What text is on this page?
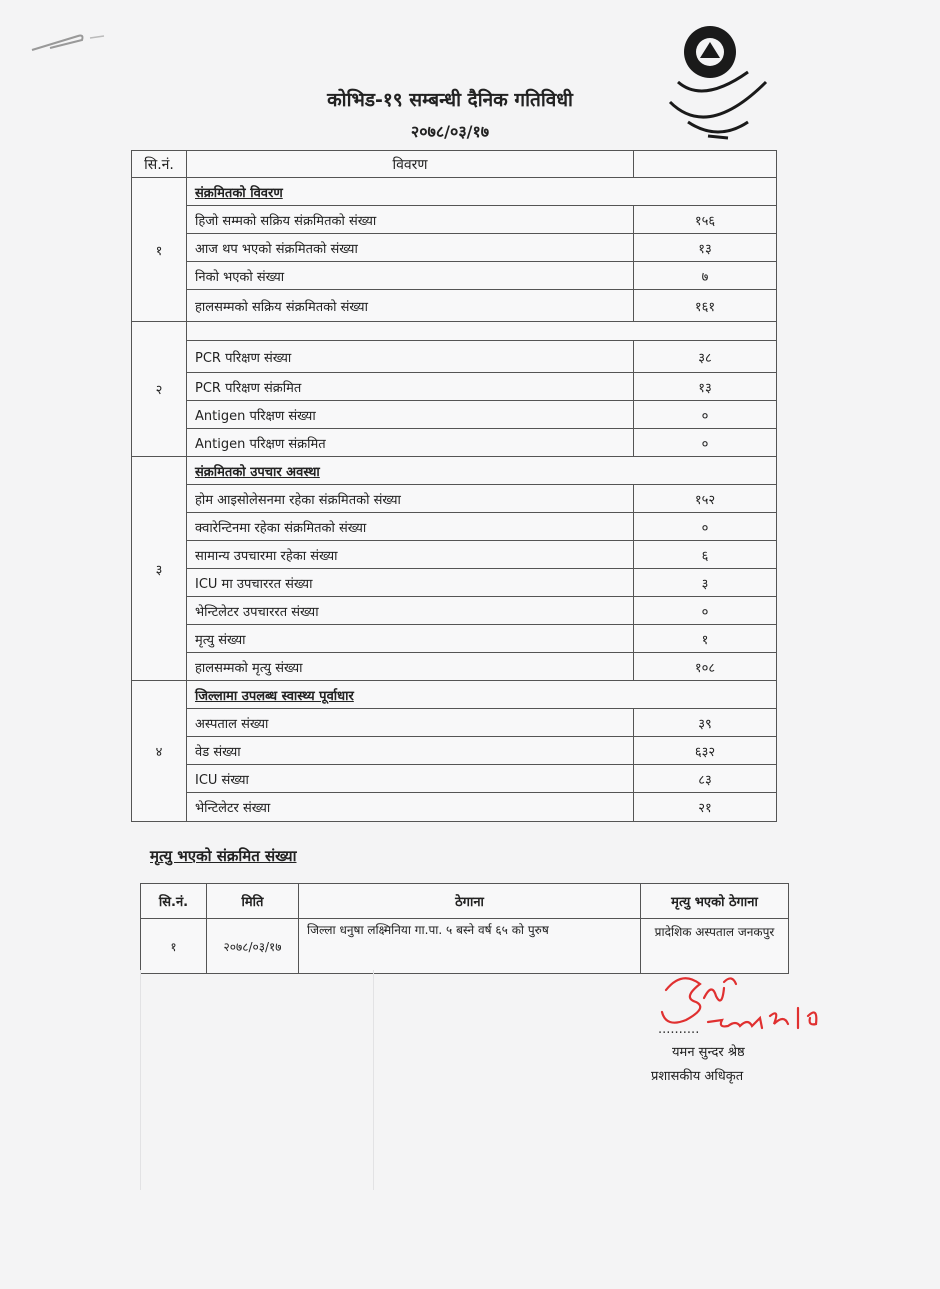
कोभिड-१९ सम्बन्धी दैनिक गतिविधी
२०७८/०३/१७
सि.नं.	विवरण	
१	संक्रमितको विवरण	
	हिजो सम्मको सक्रिय संक्रमितको संख्या	१५६
	आज थप भएको संक्रमितको संख्या	१३
	निको भएको संख्या	७
	हालसम्मको सक्रिय संक्रमितको संख्या	१६१
२		
	PCR परिक्षण संख्या	३८
	PCR परिक्षण संक्रमित	१३
	Antigen परिक्षण संख्या	०
	Antigen परिक्षण संक्रमित	०
३	संक्रमितको उपचार अवस्था	
	होम आइसोलेसनमा रहेका संक्रमितको संख्या	१५२
	क्वारेन्टिनमा रहेका संक्रमितको संख्या	०
	सामान्य उपचारमा रहेका संख्या	६
	ICU मा उपचाररत संख्या	३
	भेन्टिलेटर उपचाररत संख्या	०
	मृत्यु संख्या	१
	हालसम्मको मृत्यु संख्या	१०८
४	जिल्लामा उपलब्ध स्वास्थ्य पूर्वाधार	
	अस्पताल संख्या	३९
	वेड संख्या	६३२
	ICU संख्या	८३
	भेन्टिलेटर संख्या	२१
मृत्यु भएको संक्रमित संख्या
सि.नं.	मिति	ठेगाना	मृत्यु भएको ठेगाना
१	२०७८/०३/१७	जिल्ला धनुषा लक्ष्मिनिया गा.पा. ५ बस्ने वर्ष ६५ को पुरुष	प्रादेशिक अस्पताल जनकपुर
..........
यमन सुन्दर श्रेष्ठ
प्रशासकीय अधिकृत
